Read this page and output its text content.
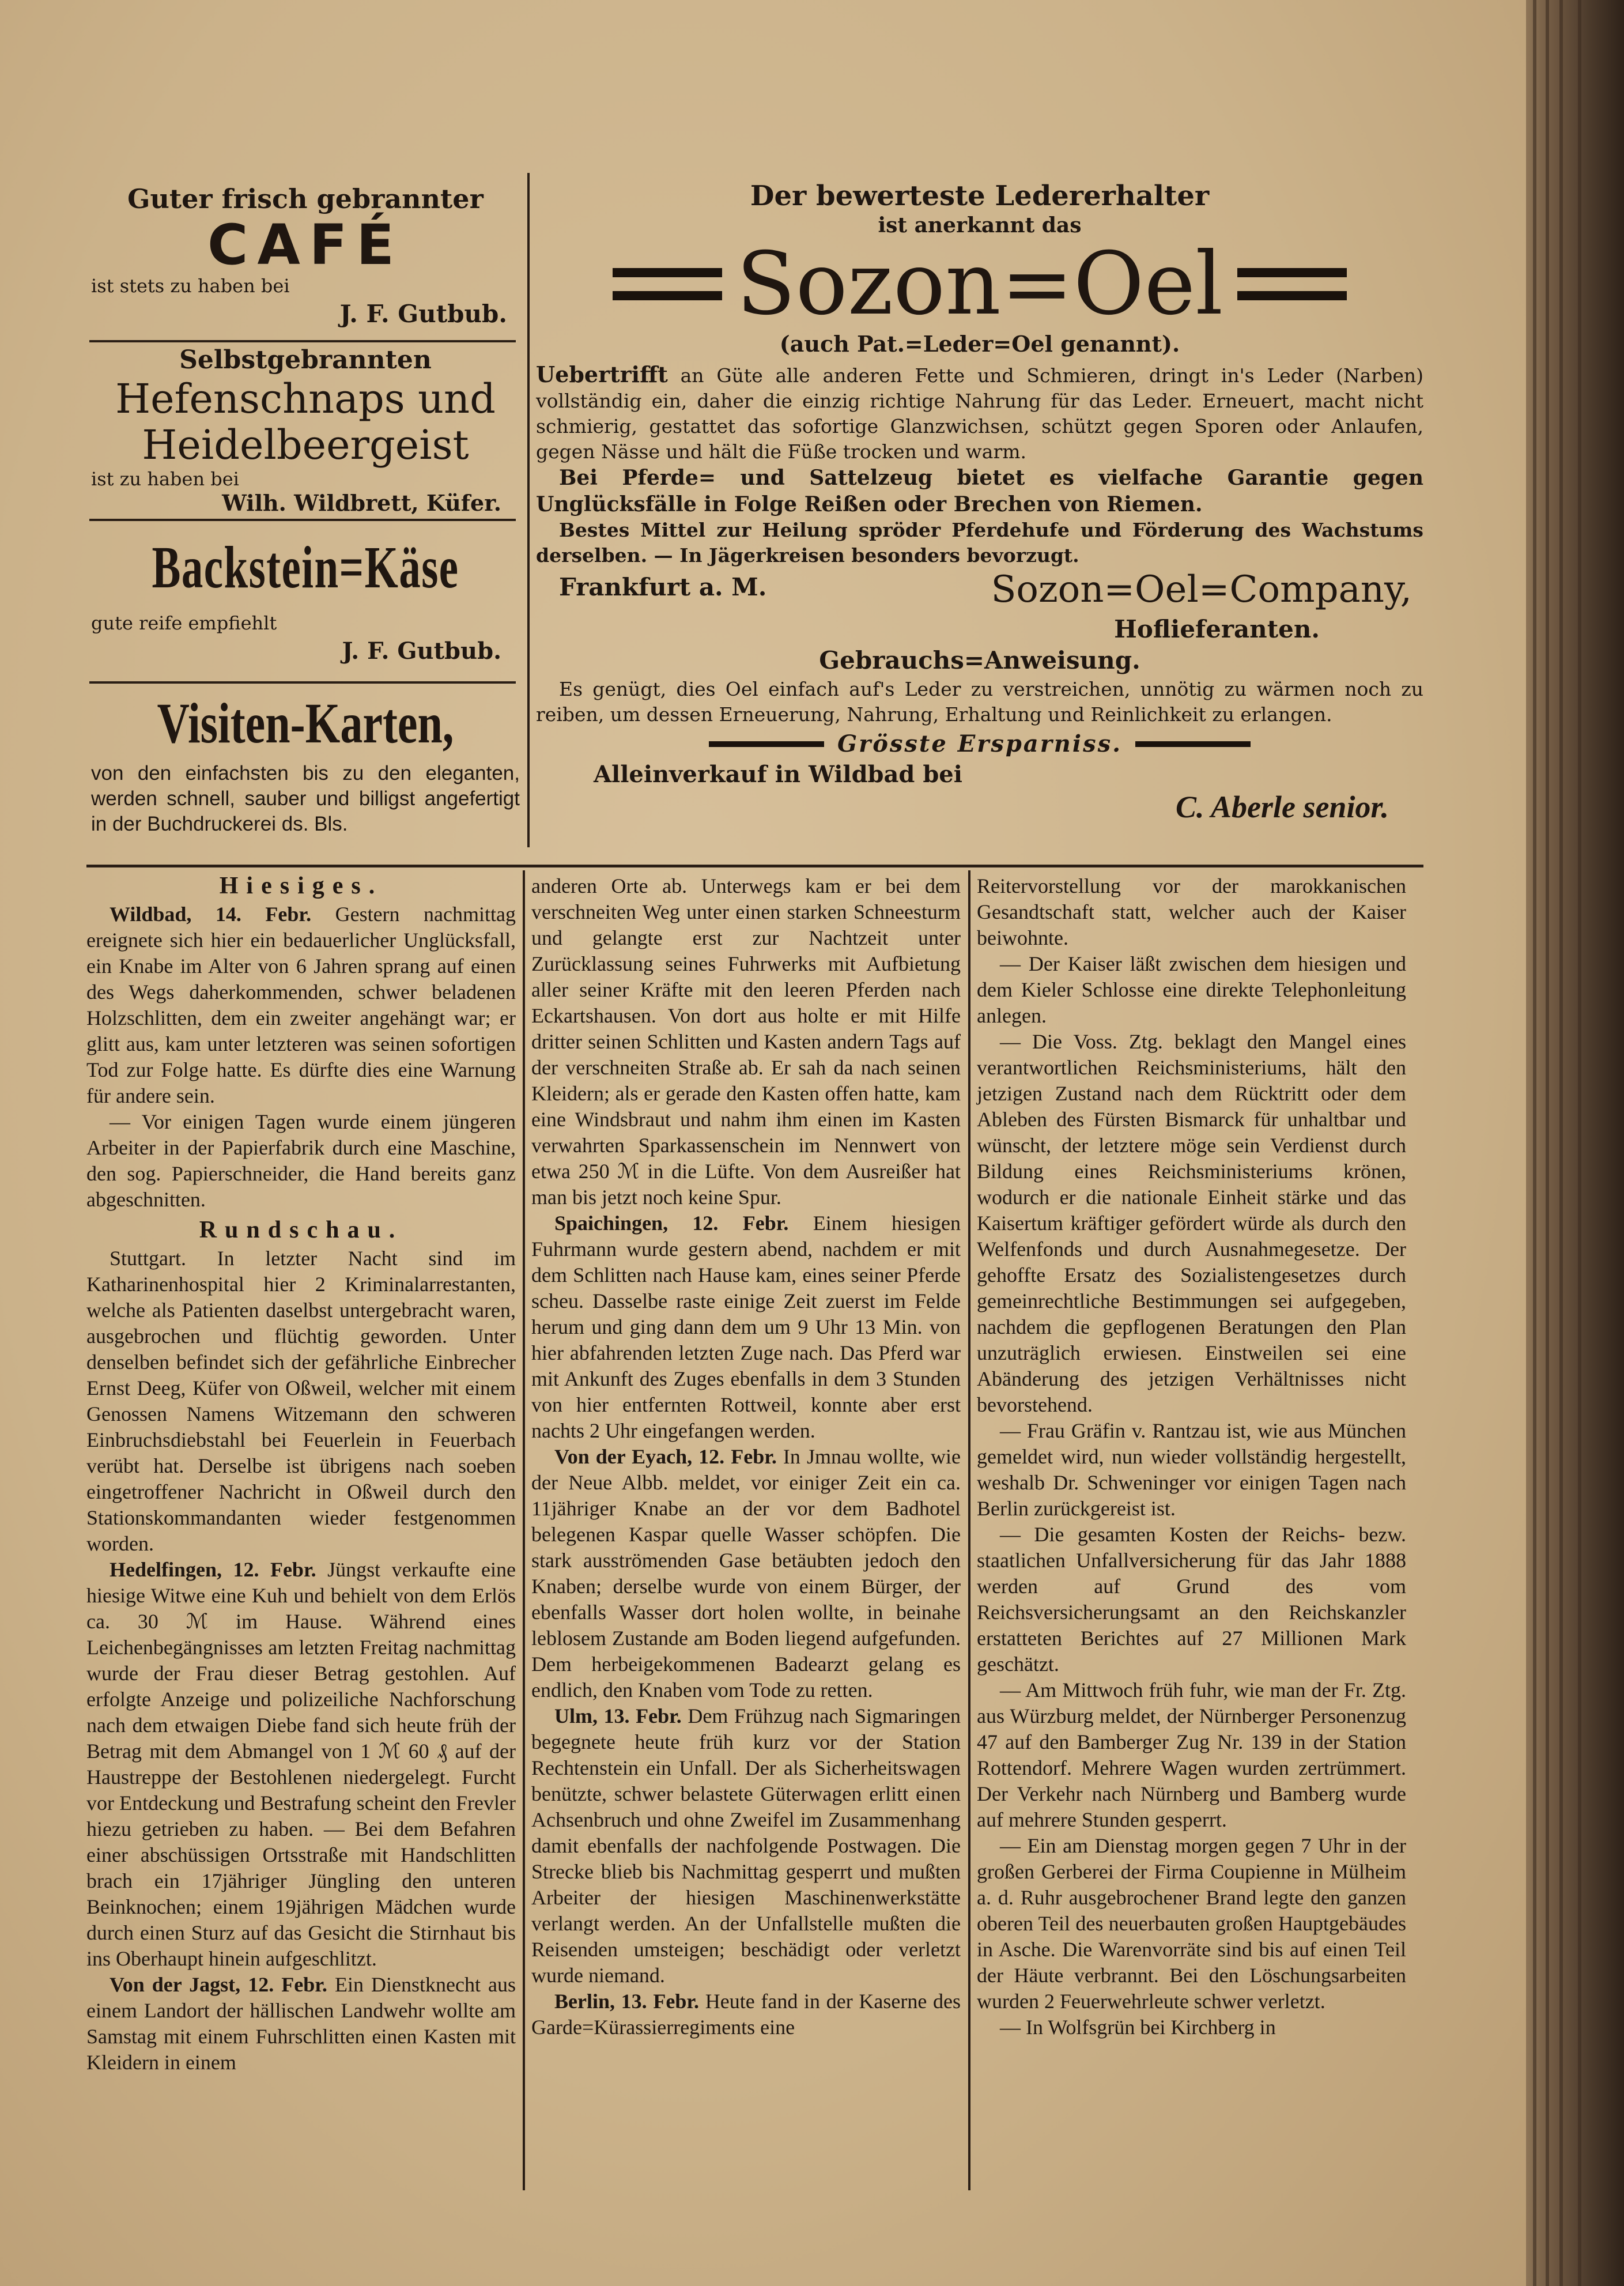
Guter frisch gebrannter
CAFÉ
ist stets zu haben bei
J. F. Gutbub.
Selbstgebrannten
Hefenschnaps und
Heidelbeergeist
ist zu haben bei
Wilh. Wildbrett, Küfer.
Backstein=Käse
gute reife empfiehlt
J. F. Gutbub.
Visiten-Karten,
von den einfachsten bis zu den eleganten, werden schnell, sauber und billigst angefertigt in der Buchdruckerei ds. Bls.
Der bewerteste Ledererhalter
ist anerkannt das
Sozon=Oel
(auch Pat.=Leder=Oel genannt).
Uebertrifft an Güte alle anderen Fette und Schmieren, dringt in's Leder (Narben) vollständig ein, daher die einzig richtige Nahrung für das Leder. Erneuert, macht nicht schmierig, gestattet das sofortige Glanzwichsen, schützt gegen Sporen oder Anlaufen, gegen Nässe und hält die Füße trocken und warm.
Bei Pferde= und Sattelzeug bietet es vielfache Garantie gegen Unglücksfälle in Folge Reißen oder Brechen von Riemen.
Bestes Mittel zur Heilung spröder Pferdehufe und Förderung des Wachstums derselben. — In Jägerkreisen besonders bevorzugt.
Frankfurt a. M.	Sozon=Oel=Company,
Hoflieferanten.
Gebrauchs=Anweisung.
Es genügt, dies Oel einfach auf's Leder zu verstreichen, unnötig zu wärmen noch zu reiben, um dessen Erneuerung, Nahrung, Erhaltung und Reinlichkeit zu erlangen.
Grösste Ersparniss.
Alleinverkauf in Wildbad bei
C. Aberle senior.
Hiesiges.

Wildbad, 14. Febr. Gestern nachmittag ereignete sich hier ein bedauerlicher Unglücksfall, ein Knabe im Alter von 6 Jahren sprang auf einen des Wegs daherkommenden, schwer beladenen Holzschlitten, dem ein zweiter angehängt war; er glitt aus, kam unter letzteren was seinen sofortigen Tod zur Folge hatte. Es dürfte dies eine Warnung für andere sein.

— Vor einigen Tagen wurde einem jüngeren Arbeiter in der Papierfabrik durch eine Maschine, den sog. Papierschneider, die Hand bereits ganz abgeschnitten.

Rundschau.

Stuttgart. In letzter Nacht sind im Katharinenhospital hier 2 Kriminalarrestanten, welche als Patienten daselbst untergebracht waren, ausgebrochen und flüchtig geworden. Unter denselben befindet sich der gefährliche Einbrecher Ernst Deeg, Küfer von Oßweil, welcher mit einem Genossen Namens Witzemann den schweren Einbruchsdiebstahl bei Feuerlein in Feuerbach verübt hat. Derselbe ist übrigens nach soeben eingetroffener Nachricht in Oßweil durch den Stationskommandanten wieder festgenommen worden.

Hedelfingen, 12. Febr. Jüngst verkaufte eine hiesige Witwe eine Kuh und behielt von dem Erlös ca. 30 ℳ im Hause. Während eines Leichenbegängnisses am letzten Freitag nachmittag wurde der Frau dieser Betrag gestohlen. Auf erfolgte Anzeige und polizeiliche Nachforschung nach dem etwaigen Diebe fand sich heute früh der Betrag mit dem Abmangel von 1 ℳ 60 ₰ auf der Haustreppe der Bestohlenen niedergelegt. Furcht vor Entdeckung und Bestrafung scheint den Frevler hiezu getrieben zu haben. — Bei dem Befahren einer abschüssigen Ortsstraße mit Handschlitten brach ein 17jähriger Jüngling den unteren Beinknochen; einem 19jährigen Mädchen wurde durch einen Sturz auf das Gesicht die Stirnhaut bis ins Oberhaupt hinein aufgeschlitzt.

Von der Jagst, 12. Febr. Ein Dienstknecht aus einem Landort der hällischen Landwehr wollte am Samstag mit einem Fuhrschlitten einen Kasten mit Kleidern in einem

anderen Orte ab. Unterwegs kam er bei dem verschneiten Weg unter einen starken Schneesturm und gelangte erst zur Nachtzeit unter Zurücklassung seines Fuhrwerks mit Aufbietung aller seiner Kräfte mit den leeren Pferden nach Eckartshausen. Von dort aus holte er mit Hilfe dritter seinen Schlitten und Kasten andern Tags auf der verschneiten Straße ab. Er sah da nach seinen Kleidern; als er gerade den Kasten offen hatte, kam eine Windsbraut und nahm ihm einen im Kasten verwahrten Sparkassenschein im Nennwert von etwa 250 ℳ in die Lüfte. Von dem Ausreißer hat man bis jetzt noch keine Spur.

Spaichingen, 12. Febr. Einem hiesigen Fuhrmann wurde gestern abend, nachdem er mit dem Schlitten nach Hause kam, eines seiner Pferde scheu. Dasselbe raste einige Zeit zuerst im Felde herum und ging dann dem um 9 Uhr 13 Min. von hier abfahrenden letzten Zuge nach. Das Pferd war mit Ankunft des Zuges ebenfalls in dem 3 Stunden von hier entfernten Rottweil, konnte aber erst nachts 2 Uhr eingefangen werden.

Von der Eyach, 12. Febr. In Jmnau wollte, wie der Neue Albb. meldet, vor einiger Zeit ein ca. 11jähriger Knabe an der vor dem Badhotel belegenen Kaspar quelle Wasser schöpfen. Die stark ausströmenden Gase betäubten jedoch den Knaben; derselbe wurde von einem Bürger, der ebenfalls Wasser dort holen wollte, in beinahe leblosem Zustande am Boden liegend aufgefunden. Dem herbeigekommenen Badearzt gelang es endlich, den Knaben vom Tode zu retten.

Ulm, 13. Febr. Dem Frühzug nach Sigmaringen begegnete heute früh kurz vor der Station Rechtenstein ein Unfall. Der als Sicherheitswagen benützte, schwer belastete Güterwagen erlitt einen Achsenbruch und ohne Zweifel im Zusammenhang damit ebenfalls der nachfolgende Postwagen. Die Strecke blieb bis Nachmittag gesperrt und mußten Arbeiter der hiesigen Maschinenwerkstätte verlangt werden. An der Unfallstelle mußten die Reisenden umsteigen; beschädigt oder verletzt wurde niemand.

Berlin, 13. Febr. Heute fand in der Kaserne des Garde=Kürassierregiments eine

Reitervorstellung vor der marokkanischen Gesandtschaft statt, welcher auch der Kaiser beiwohnte.

— Der Kaiser läßt zwischen dem hiesigen und dem Kieler Schlosse eine direkte Telephonleitung anlegen.

— Die Voss. Ztg. beklagt den Mangel eines verantwortlichen Reichsministeriums, hält den jetzigen Zustand nach dem Rücktritt oder dem Ableben des Fürsten Bismarck für unhaltbar und wünscht, der letztere möge sein Verdienst durch Bildung eines Reichsministeriums krönen, wodurch er die nationale Einheit stärke und das Kaisertum kräftiger gefördert würde als durch den Welfenfonds und durch Ausnahmegesetze. Der gehoffte Ersatz des Sozialistengesetzes durch gemeinrechtliche Bestimmungen sei aufgegeben, nachdem die gepflogenen Beratungen den Plan unzuträglich erwiesen. Einstweilen sei eine Abänderung des jetzigen Verhältnisses nicht bevorstehend.

— Frau Gräfin v. Rantzau ist, wie aus München gemeldet wird, nun wieder vollständig hergestellt, weshalb Dr. Schweninger vor einigen Tagen nach Berlin zurückgereist ist.

— Die gesamten Kosten der Reichs- bezw. staatlichen Unfallversicherung für das Jahr 1888 werden auf Grund des vom Reichsversicherungsamt an den Reichskanzler erstatteten Berichtes auf 27 Millionen Mark geschätzt.

— Am Mittwoch früh fuhr, wie man der Fr. Ztg. aus Würzburg meldet, der Nürnberger Personenzug 47 auf den Bamberger Zug Nr. 139 in der Station Rottendorf. Mehrere Wagen wurden zertrümmert. Der Verkehr nach Nürnberg und Bamberg wurde auf mehrere Stunden gesperrt.

— Ein am Dienstag morgen gegen 7 Uhr in der großen Gerberei der Firma Coupienne in Mülheim a. d. Ruhr ausgebrochener Brand legte den ganzen oberen Teil des neuerbauten großen Hauptgebäudes in Asche. Die Warenvorräte sind bis auf einen Teil der Häute verbrannt. Bei den Löschungsarbeiten wurden 2 Feuerwehrleute schwer verletzt.

— In Wolfsgrün bei Kirchberg in
